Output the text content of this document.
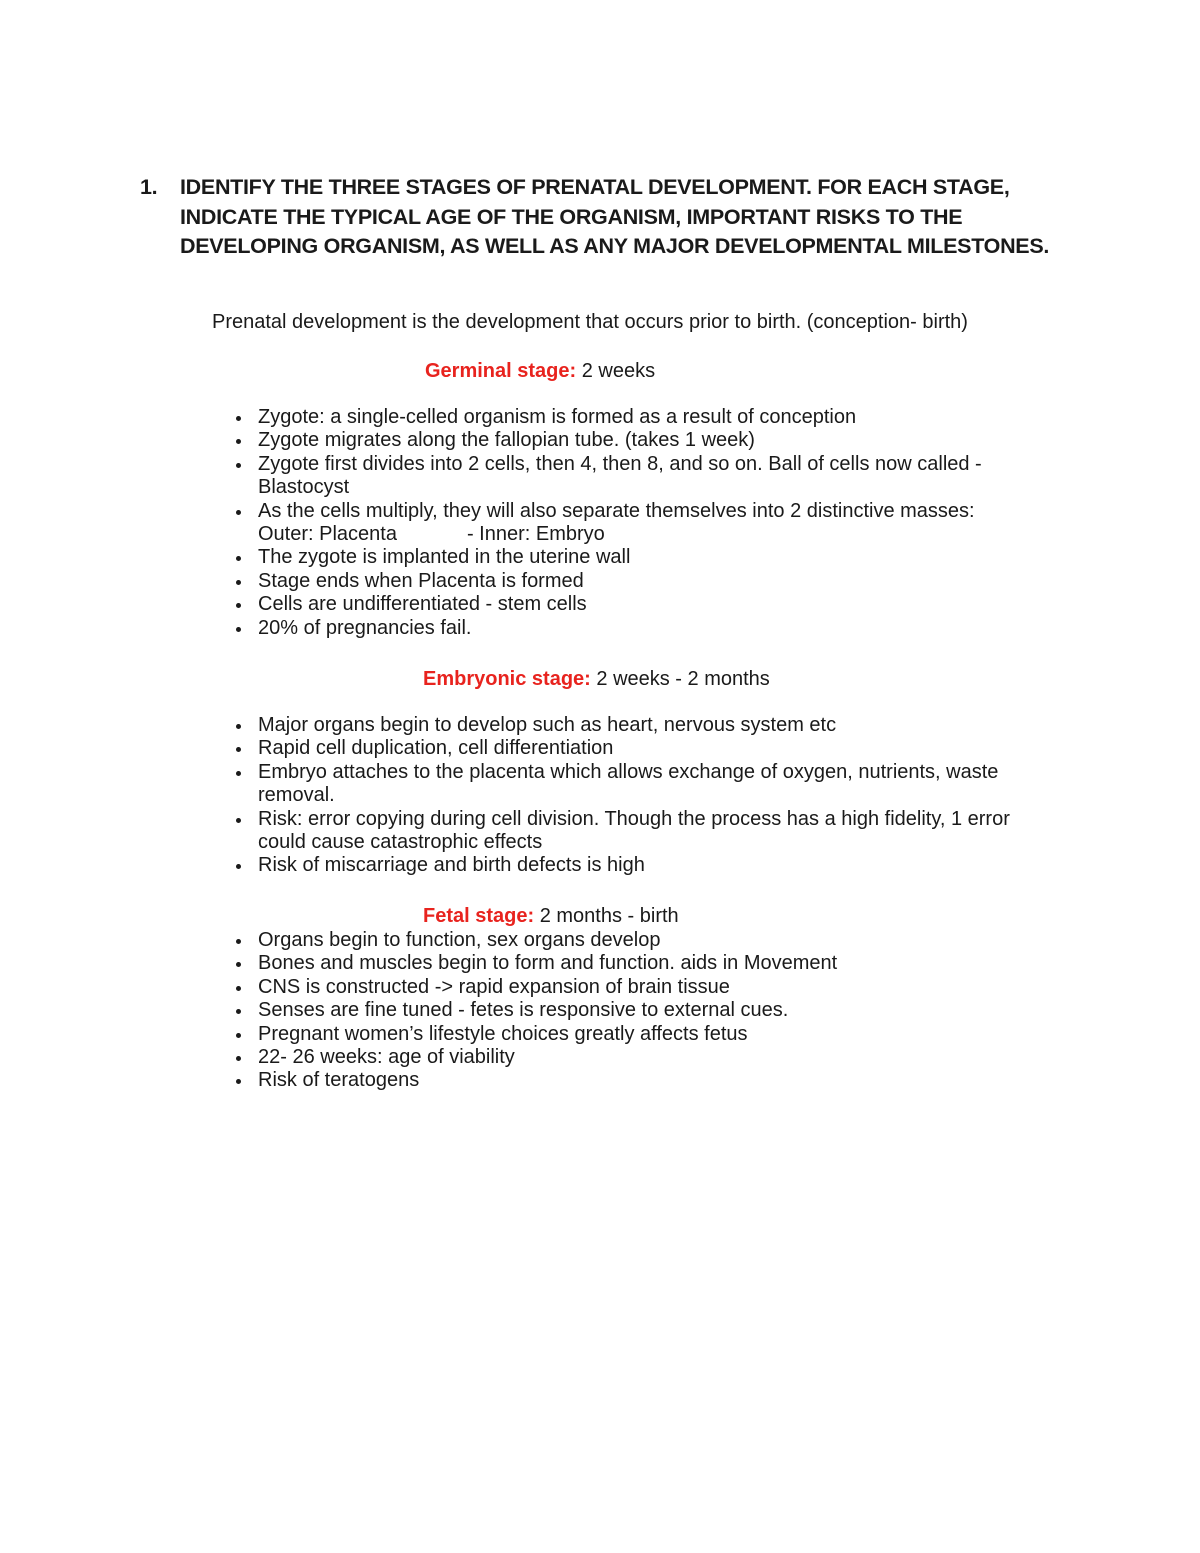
1. IDENTIFY THE THREE STAGES OF PRENATAL DEVELOPMENT. FOR EACH STAGE, INDICATE THE TYPICAL AGE OF THE ORGANISM, IMPORTANT RISKS TO THE DEVELOPING ORGANISM, AS WELL AS ANY MAJOR DEVELOPMENTAL MILESTONES.
Prenatal development is the development that occurs prior to birth. (conception- birth)
Germinal stage: 2 weeks
Zygote: a single-celled organism is formed as a result of conception
Zygote migrates along the fallopian tube. (takes 1 week)
Zygote first divides into 2 cells, then 4, then 8, and so on. Ball of cells now called - Blastocyst
As the cells multiply, they will also separate themselves into 2 distinctive masses:
Outer: Placenta	- Inner: Embryo
The zygote is implanted in the uterine wall
Stage ends when Placenta is formed
Cells are undifferentiated - stem cells
20% of pregnancies fail.
Embryonic stage: 2 weeks - 2 months
Major organs begin to develop such as heart, nervous system etc
Rapid cell duplication, cell differentiation
Embryo attaches to the placenta which allows exchange of oxygen, nutrients, waste removal.
Risk: error copying during cell division. Though the process has a high fidelity, 1 error could cause catastrophic effects
Risk of miscarriage and birth defects is high
Fetal stage: 2 months - birth
Organs begin to function, sex organs develop
Bones and muscles begin to form and function. aids in Movement
CNS is constructed -> rapid expansion of brain tissue
Senses are fine tuned - fetes is responsive to external cues.
Pregnant women’s lifestyle choices greatly affects fetus
22- 26 weeks: age of viability
Risk of teratogens
